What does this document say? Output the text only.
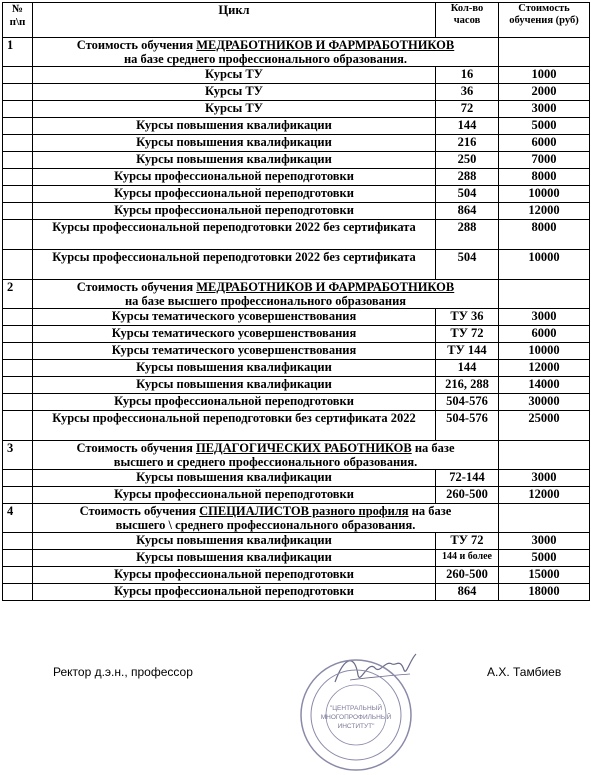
№ п\п	Цикл	Кол-во часов	Стоимость обучения (руб)
1	Стоимость обучения МЕДРАБОТНИКОВ И ФАРМРАБОТНИКОВ на базе среднего профессионального образования.		
	Курсы ТУ	16	1000
	Курсы ТУ	36	2000
	Курсы ТУ	72	3000
	Курсы повышения квалификации	144	5000
	Курсы повышения квалификации	216	6000
	Курсы повышения квалификации	250	7000
	Курсы профессиональной переподготовки	288	8000
	Курсы профессиональной переподготовки	504	10000
	Курсы профессиональной переподготовки	864	12000
	Курсы профессиональной переподготовки 2022 без сертификата	288	8000
	Курсы профессиональной переподготовки 2022 без сертификата	504	10000
2	Стоимость обучения МЕДРАБОТНИКОВ И ФАРМРАБОТНИКОВ на базе высшего профессионального образования		
	Курсы тематического усовершенствования	ТУ 36	3000
	Курсы тематического усовершенствования	ТУ 72	6000
	Курсы тематического усовершенствования	ТУ 144	10000
	Курсы повышения квалификации	144	12000
	Курсы повышения квалификации	216, 288	14000
	Курсы профессиональной переподготовки	504-576	30000
	Курсы профессиональной переподготовки без сертификата 2022	504-576	25000
3	Стоимость обучения ПЕДАГОГИЧЕСКИХ РАБОТНИКОВ на базе высшего и среднего профессионального образования.		
	Курсы повышения квалификации	72-144	3000
	Курсы профессиональной переподготовки	260-500	12000
4	Стоимость обучения СПЕЦИАЛИСТОВ разного профиля на базе высшего \ среднего профессионального образования.		
	Курсы повышения квалификации	ТУ 72	3000
	Курсы повышения квалификации	144 и более	5000
	Курсы профессиональной переподготовки	260-500	15000
	Курсы профессиональной переподготовки	864	18000
Ректор д.э.н., профессор	А.Х. Тамбиев
"ЦЕНТРАЛЬНЫЙ
МНОГОПРОФИЛЬНЫЙ
ИНСТИТУТ"
